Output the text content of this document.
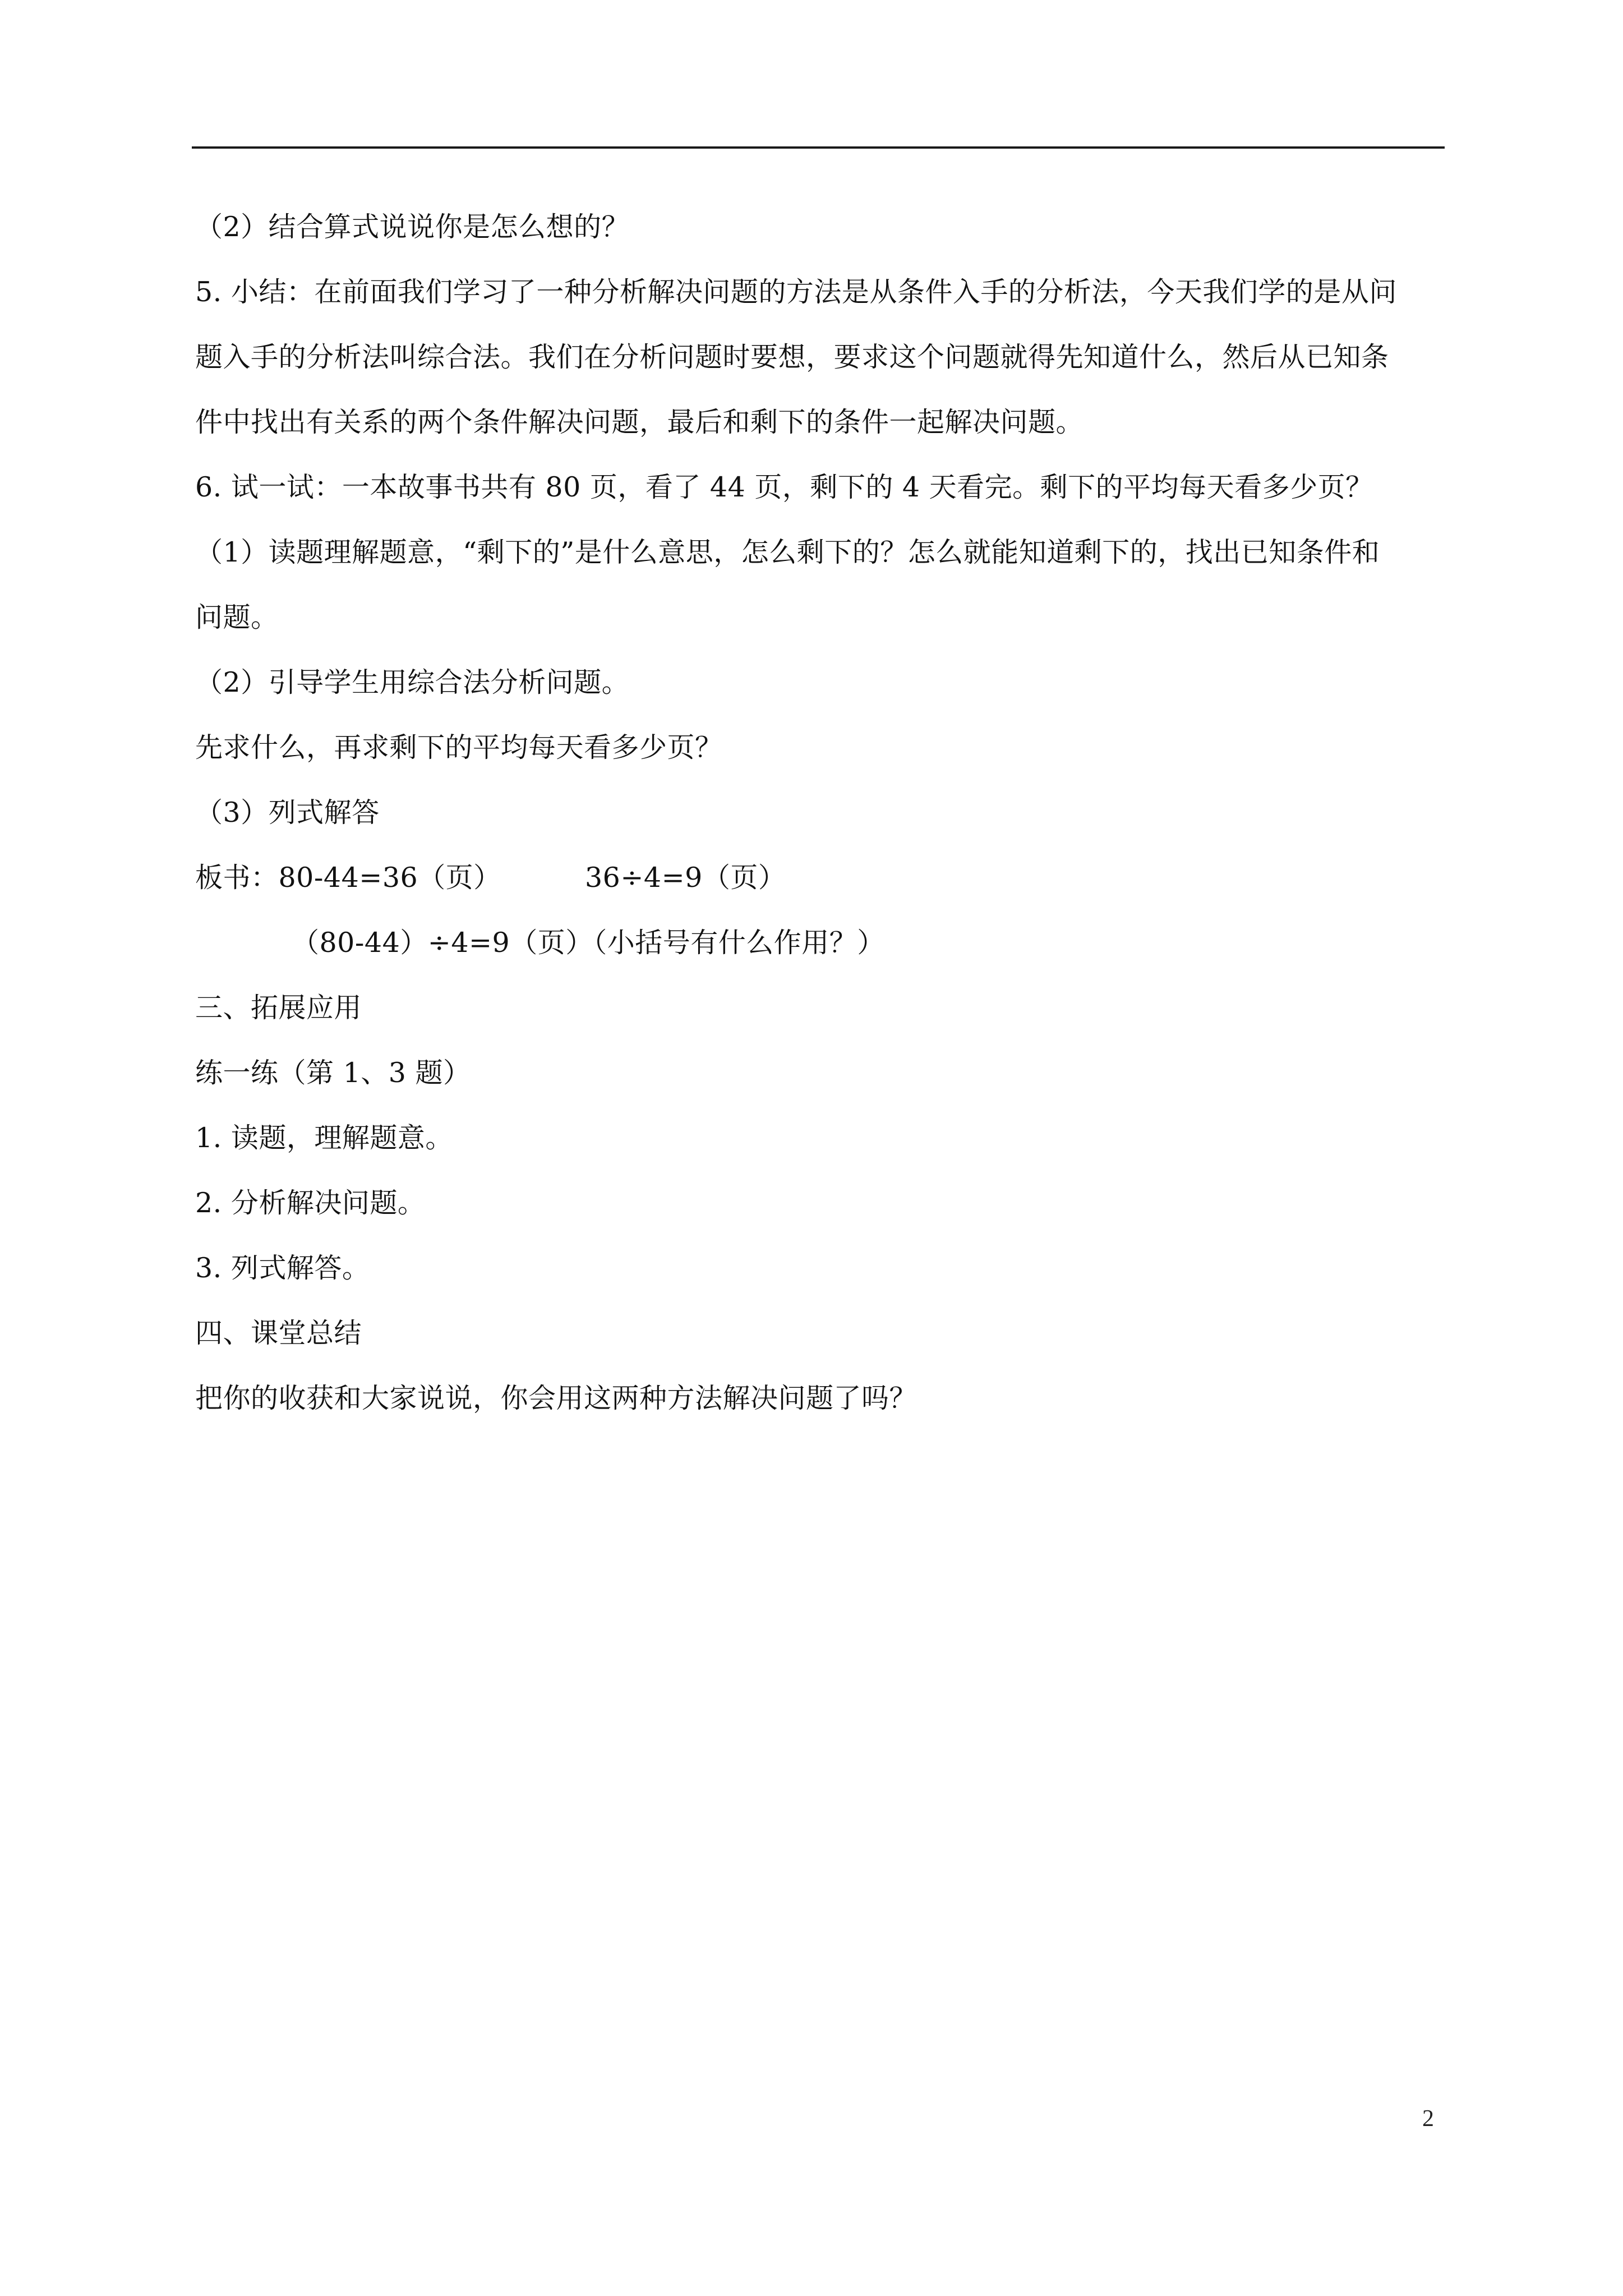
（2）结合算式说说你是怎么想的？

5. 小结：在前面我们学习了一种分析解决问题的方法是从条件入手的分析法，今天我们学的是从问

题入手的分析法叫综合法。我们在分析问题时要想，要求这个问题就得先知道什么，然后从已知条

件中找出有关系的两个条件解决问题，最后和剩下的条件一起解决问题。

6. 试一试：一本故事书共有 80 页，看了 44 页，剩下的 4 天看完。剩下的平均每天看多少页？

（1）读题理解题意，“剩下的”是什么意思，怎么剩下的？怎么就能知道剩下的，找出已知条件和

问题。

（2）引导学生用综合法分析问题。

先求什么，再求剩下的平均每天看多少页？

（3）列式解答

板书：80-44=36（页）	36÷4=9（页）

（80-44）÷4=9（页）（小括号有什么作用？）

三、拓展应用

练一练（第 1、3 题）

1. 读题，理解题意。

2. 分析解决问题。

3. 列式解答。

四、课堂总结

把你的收获和大家说说，你会用这两种方法解决问题了吗？

2
